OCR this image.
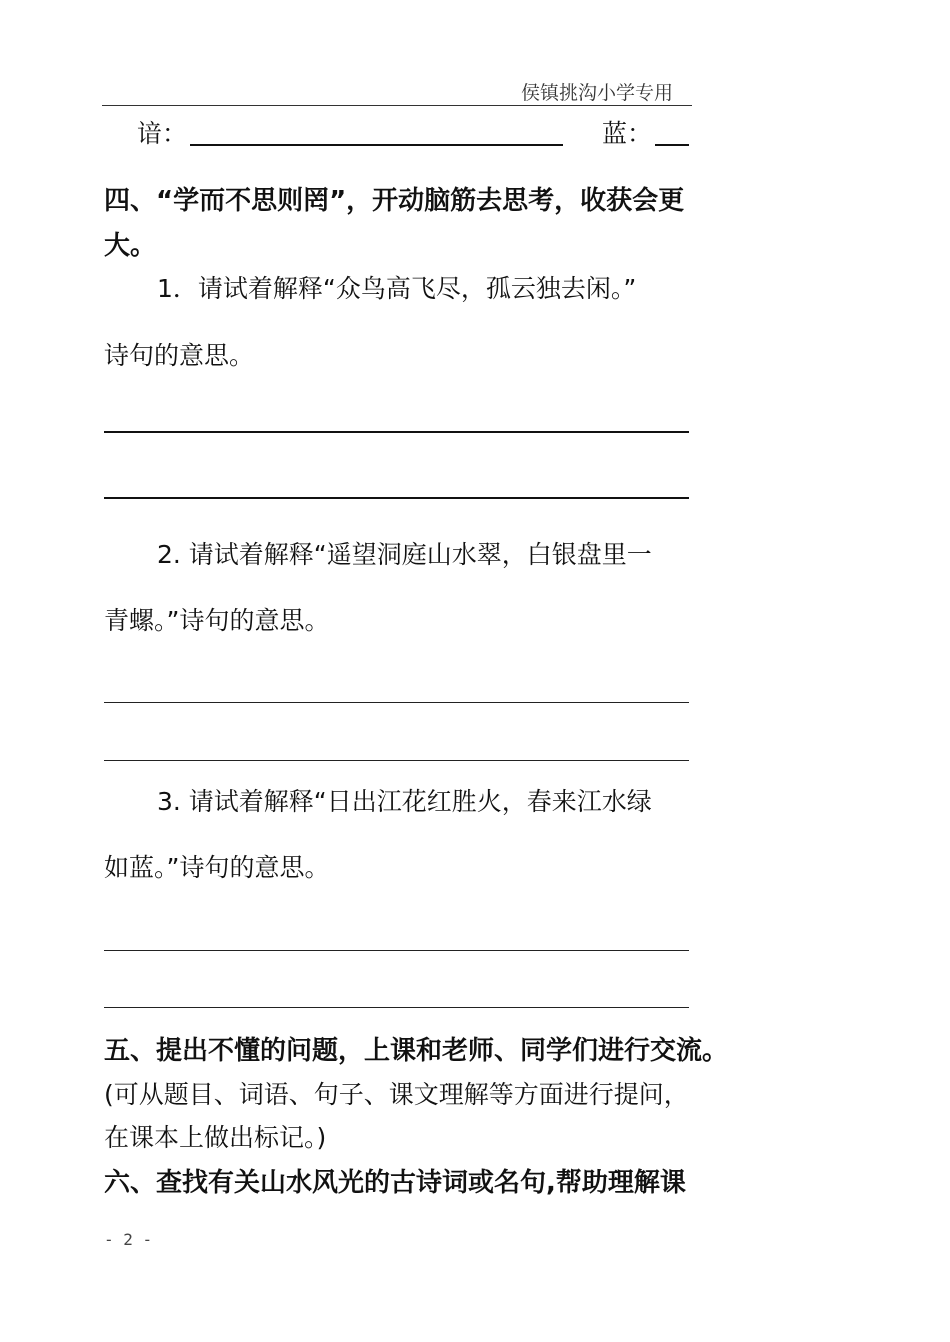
侯镇挑沟小学专用
谙：	蓝：
四、“学而不思则罔”，开动脑筋去思考，收获会更
大。
1．请试着解释“众鸟高飞尽，孤云独去闲。”
诗句的意思。
2. 请试着解释“遥望洞庭山水翠，白银盘里一
青螺。”诗句的意思。
3. 请试着解释“日出江花红胜火，春来江水绿
如蓝。”诗句的意思。
五、提出不懂的问题，上课和老师、同学们进行交流。
(可从题目、词语、句子、课文理解等方面进行提问，
在课本上做出标记。)
六、查找有关山水风光的古诗词或名句,帮助理解课
- 2 -
